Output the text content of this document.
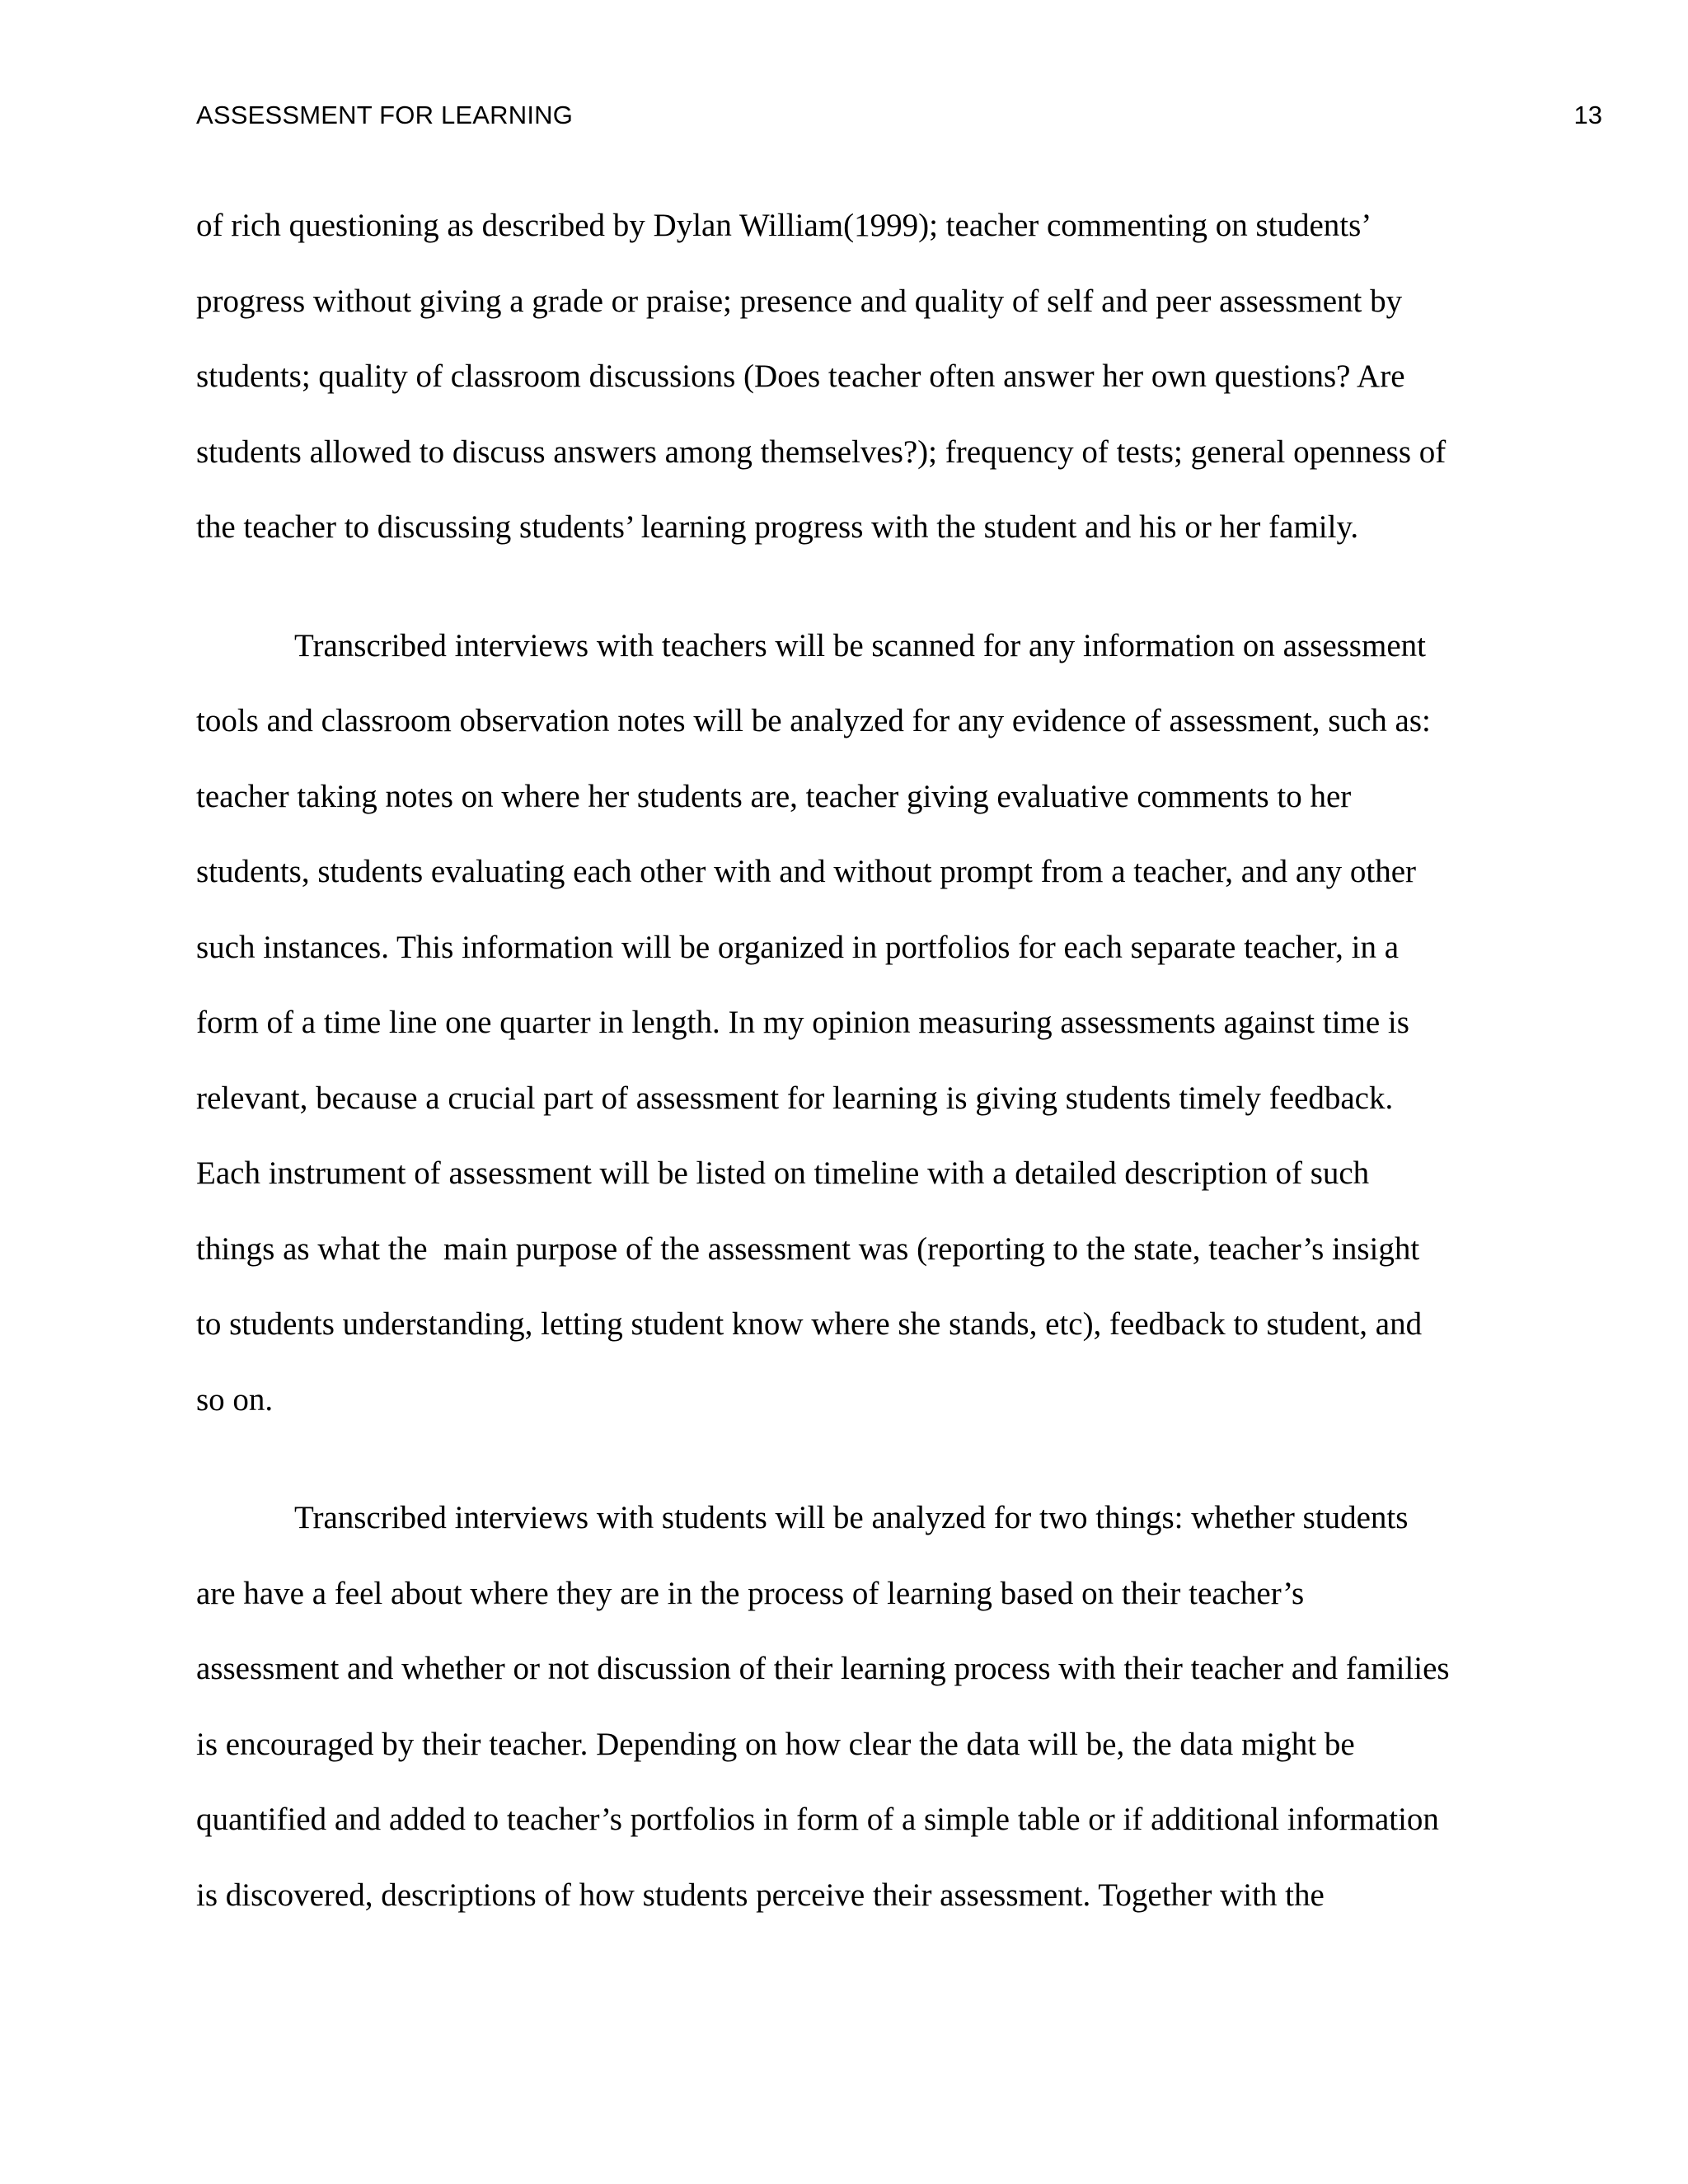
ASSESSMENT FOR LEARNING	13
of rich questioning as described by Dylan William(1999); teacher commenting on students’
progress without giving a grade or praise; presence and quality of self and peer assessment by
students; quality of classroom discussions (Does teacher often answer her own questions? Are
students allowed to discuss answers among themselves?); frequency of tests; general openness of
the teacher to discussing students’ learning progress with the student and his or her family.
Transcribed interviews with teachers will be scanned for any information on assessment
tools and classroom observation notes will be analyzed for any evidence of assessment, such as:
teacher taking notes on where her students are, teacher giving evaluative comments to her
students, students evaluating each other with and without prompt from a teacher, and any other
such instances. This information will be organized in portfolios for each separate teacher, in a
form of a time line one quarter in length. In my opinion measuring assessments against time is
relevant, because a crucial part of assessment for learning is giving students timely feedback.
Each instrument of assessment will be listed on timeline with a detailed description of such
things as what the  main purpose of the assessment was (reporting to the state, teacher’s insight
to students understanding, letting student know where she stands, etc), feedback to student, and
so on.
Transcribed interviews with students will be analyzed for two things: whether students
are have a feel about where they are in the process of learning based on their teacher’s
assessment and whether or not discussion of their learning process with their teacher and families
is encouraged by their teacher. Depending on how clear the data will be, the data might be
quantified and added to teacher’s portfolios in form of a simple table or if additional information
is discovered, descriptions of how students perceive their assessment. Together with the
